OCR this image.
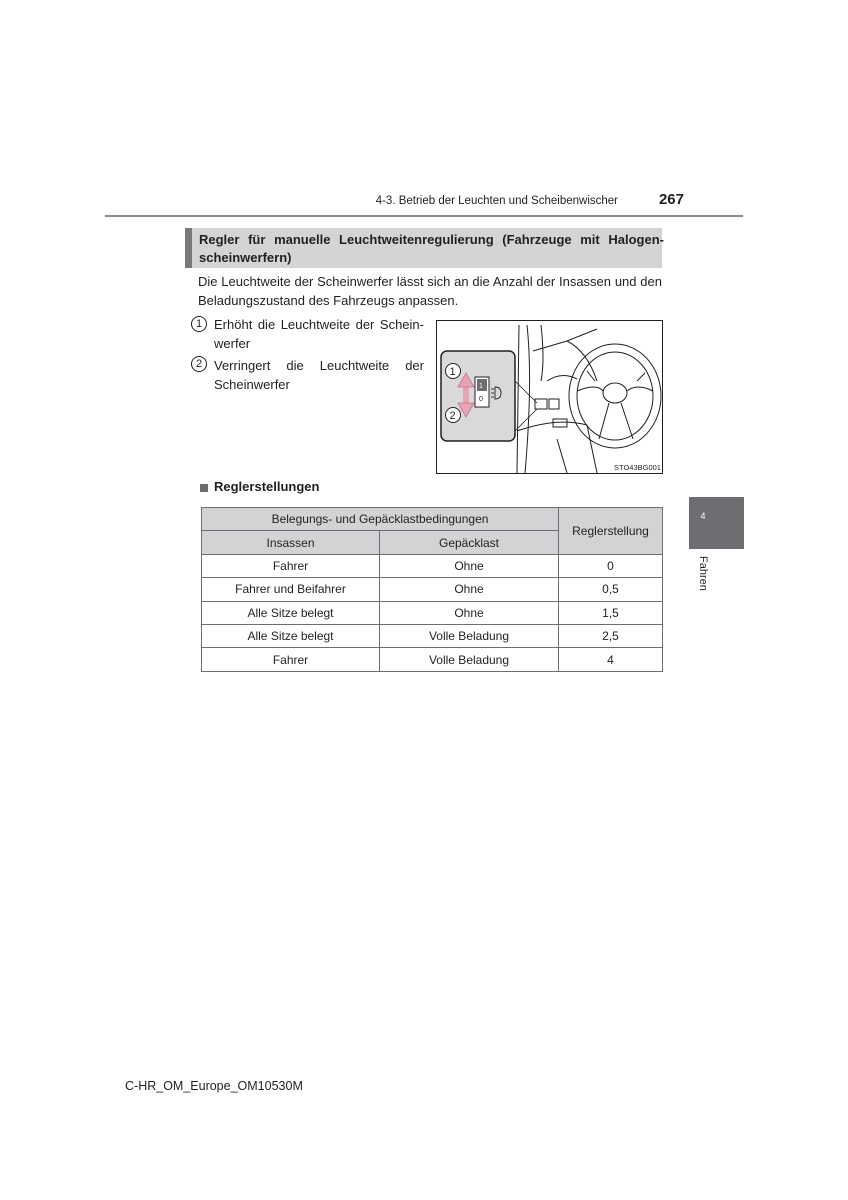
4-3. Betrieb der Leuchten und Scheibenwischer	267
Regler für manuelle Leuchtweitenregulierung (Fahrzeuge mit Halogen-scheinwerfern)
Die Leuchtweite der Scheinwerfer lässt sich an die Anzahl der Insassen und den Beladungszustand des Fahrzeugs anpassen.
1 Erhöht die Leuchtweite der Schein-werfer
2 Verringert die Leuchtweite der Scheinwerfer	1
0
1
2
STO43BG001
Reglerstellungen
Belegungs- und Gepäcklastbedingungen		Reglerstellung
Insassen	Gepäcklast	
Fahrer	Ohne	0
Fahrer und Beifahrer	Ohne	0,5
Alle Sitze belegt	Ohne	1,5
Alle Sitze belegt	Volle Beladung	2,5
Fahrer	Volle Beladung	4
4
Fahren
C-HR_OM_Europe_OM10530M
